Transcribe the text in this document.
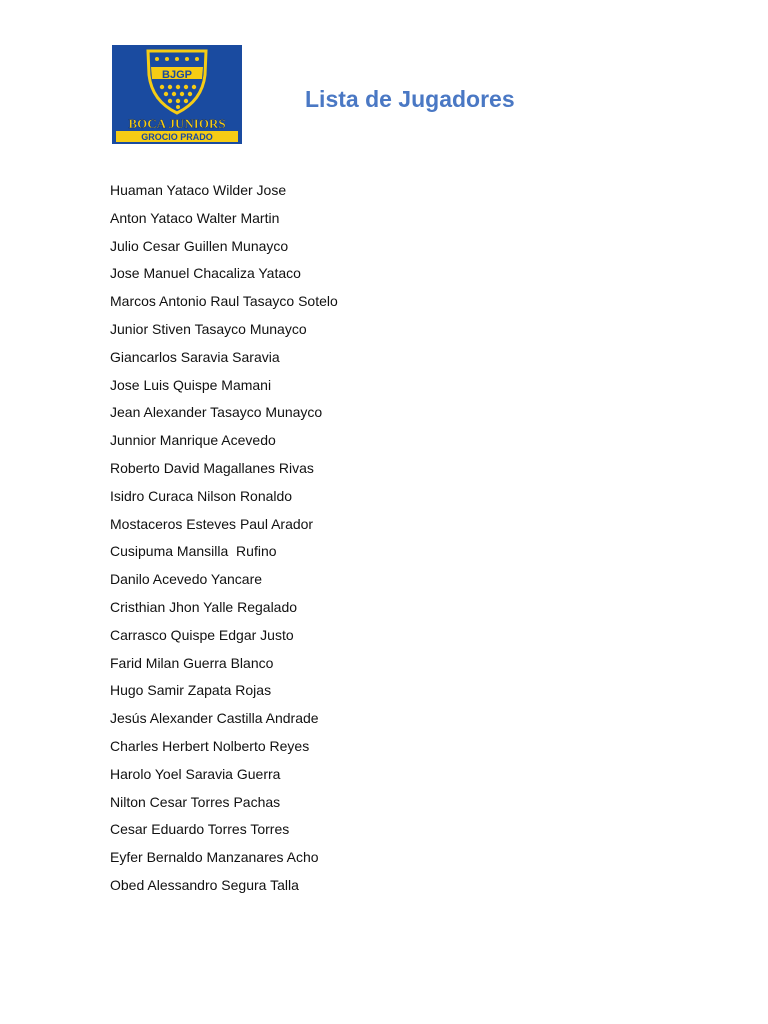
BJGP
BOCA JUNIORS
GROCIO PRADO
Lista de Jugadores
Huaman Yataco Wilder Jose
Anton Yataco Walter Martin
Julio Cesar Guillen Munayco
Jose Manuel Chacaliza Yataco
Marcos Antonio Raul Tasayco Sotelo
Junior Stiven Tasayco Munayco
Giancarlos Saravia Saravia
Jose Luis Quispe Mamani
Jean Alexander Tasayco Munayco
Junnior Manrique Acevedo
Roberto David Magallanes Rivas
Isidro Curaca Nilson Ronaldo
Mostaceros Esteves Paul Arador
Cusipuma Mansilla  Rufino
Danilo Acevedo Yancare
Cristhian Jhon Yalle Regalado
Carrasco Quispe Edgar Justo
Farid Milan Guerra Blanco
Hugo Samir Zapata Rojas
Jesús Alexander Castilla Andrade
Charles Herbert Nolberto Reyes
Harolo Yoel Saravia Guerra
Nilton Cesar Torres Pachas
Cesar Eduardo Torres Torres
Eyfer Bernaldo Manzanares Acho
Obed Alessandro Segura Talla
